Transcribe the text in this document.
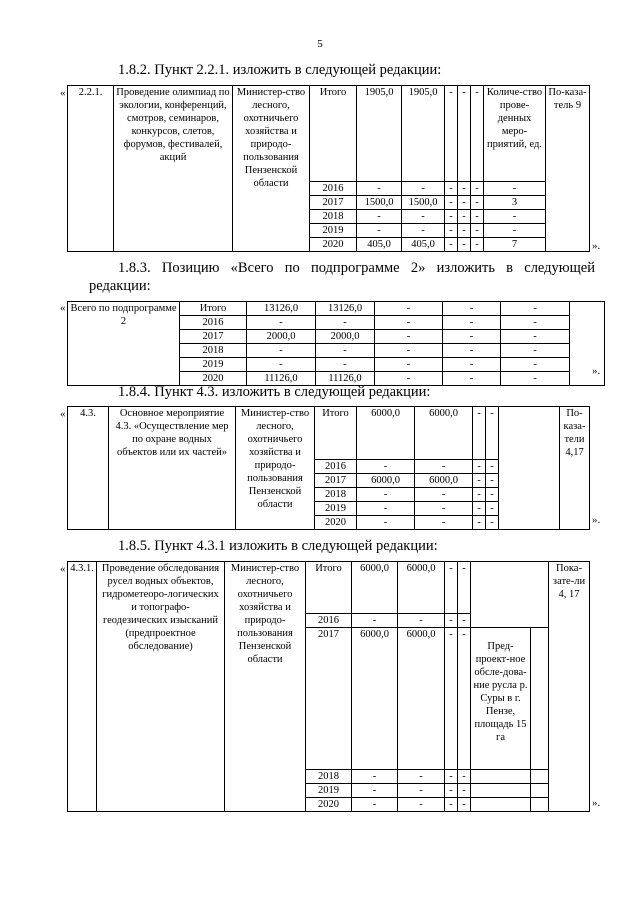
5
1.8.2. Пункт 2.2.1. изложить в следующей редакции:
« 2.2.1.	Проведение олимпиад по экологии, конференций, смотров, семинаров, конкурсов, слетов, форумов, фестивалей, акций	Министер-ство лесного, охотничьего хозяйства и природо-пользования Пензенской области	Итого	1905,0	1905,0	-	-	-	Количе-ство прове-денных меро-приятий, ед.	По-каза-тель 9
			2016	-	-	-	-	-	-	
			2017	1500,0	1500,0	-	-	-	3	
			2018	-	-	-	-	-	-	
			2019	-	-	-	-	-	-	
			2020	405,0	405,0	-	-	-	7		».
1.8.3. Позицию «Всего по подпрограмме 2» изложить в следующей редакции:
« Всего по подпрограмме 2	Итого	13126,0	13126,0	-	-	-	
	2016	-	-	-	-	-	
	2017	2000,0	2000,0	-	-	-	
	2018	-	-	-	-	-	
	2019	-	-	-	-	-	
	2020	11126,0	11126,0	-	-	-	
».
1.8.4. Пункт 4.3. изложить в следующей редакции:
« 4.3.	Основное мероприятие 4.3. «Осуществление мер по охране водных объектов или их частей»	Министер-ство лесного, охотничьего хозяйства и природо-пользования Пензенской области	Итого	6000,0	6000,0	-	-		По-каза-тели 4,17
			2016	-	-	-	-		
			2017	6000,0	6000,0	-	-		
			2018	-	-	-	-		
			2019	-	-	-	-		
			2020	-	-	-	-			».
1.8.5. Пункт 4.3.1 изложить в следующей редакции:
« 4.3.1.	Проведение обследования русел водных объектов, гидрометеоро-логических и топографо-геодезических изысканий (предпроектное обследование)	Министер-ство лесного, охотничьего хозяйства и природо-пользования Пензенской области	Итого	6000,0	6000,0	-	-			Пока-зате-ли 4, 17
			2016	-	-	-	-			
			2017	6000,0	6000,0	-	-	Пред-проект-ное обсле-дова-ние русла р. Суры в г. Пензе, площадь 15 га		
			2018	-	-	-	-			
			2019	-	-	-	-			
			2020	-	-	-	-				».
